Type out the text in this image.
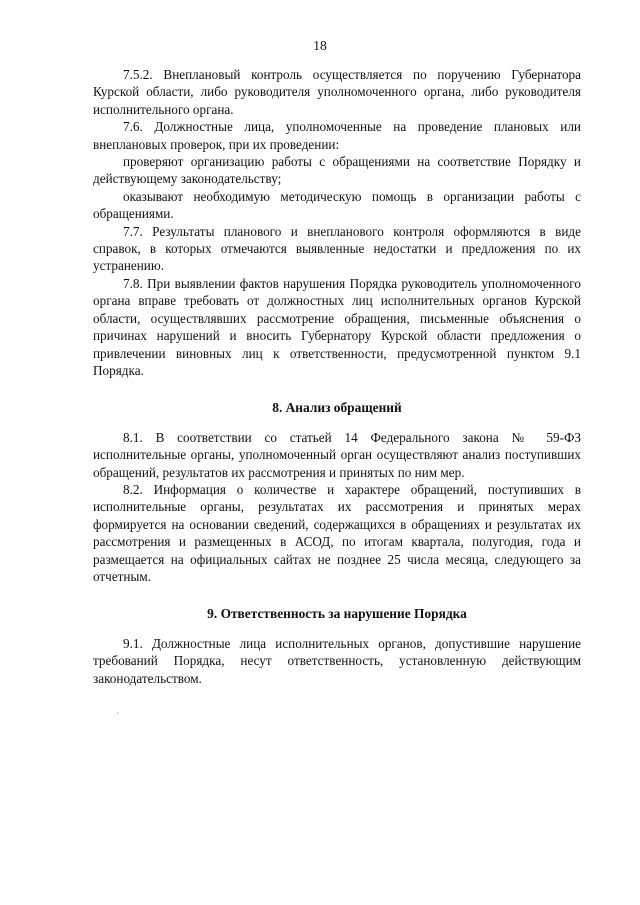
18

7.5.2. Внеплановый контроль осуществляется по поручению Губернатора Курской области, либо руководителя уполномоченного органа, либо руководителя исполнительного органа.

7.6. Должностные лица, уполномоченные на проведение плановых или внеплановых проверок, при их проведении:

проверяют организацию работы с обращениями на соответствие Порядку и действующему законодательству;

оказывают необходимую методическую помощь в организации работы с обращениями.

7.7. Результаты планового и внепланового контроля оформляются в виде справок, в которых отмечаются выявленные недостатки и предложения по их устранению.

7.8. При выявлении фактов нарушения Порядка руководитель уполномоченного органа вправе требовать от должностных лиц исполнительных органов Курской области, осуществлявших рассмотрение обращения, письменные объяснения о причинах нарушений и вносить Губернатору Курской области предложения о привлечении виновных лиц к ответственности, предусмотренной пунктом 9.1 Порядка.

8. Анализ обращений

8.1. В соответствии со статьей 14 Федерального закона № 59-ФЗ исполнительные органы, уполномоченный орган осуществляют анализ поступивших обращений, результатов их рассмотрения и принятых по ним мер.

8.2. Информация о количестве и характере обращений, поступивших в исполнительные органы, результатах их рассмотрения и принятых мерах формируется на основании сведений, содержащихся в обращениях и результатах их рассмотрения и размещенных в АСОД, по итогам квартала, полугодия, года и размещается на официальных сайтах не позднее 25 числа месяца, следующего за отчетным.

9. Ответственность за нарушение Порядка

9.1. Должностные лица исполнительных органов, допустившие нарушение требований Порядка, несут ответственность, установленную действующим законодательством.
